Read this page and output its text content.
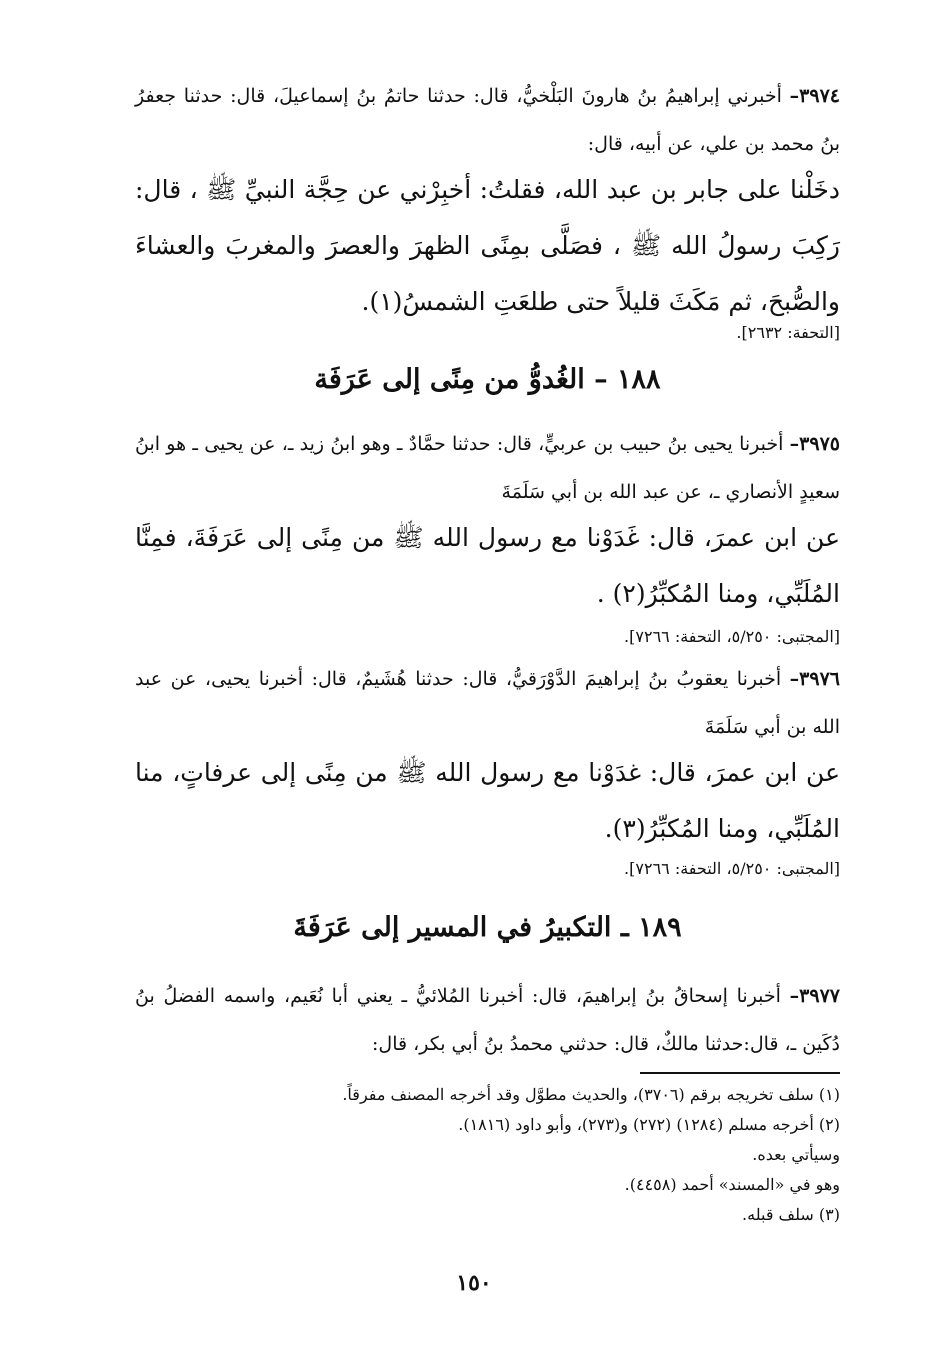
٣٩٧٤– أخبرني إبراهيمُ بنُ هارونَ البَلْخيُّ، قال: حدثنا حاتمُ بنُ إسماعيلَ، قال: حدثنا جعفرُ بنُ محمد بن علي، عن أبيه، قال:
دخَلْنا على جابر بن عبد الله، فقلتُ: أخبِرْني عن حِجَّة النبيِّ ﷺ ، قال: رَكِبَ رسولُ الله ﷺ ، فصَلَّى بمِنًى الظهرَ والعصرَ والمغربَ والعشاءَ والصُّبحَ، ثم مَكَثَ قليلاً حتى طلعَتِ الشمسُ(١).
[التحفة: ٢٦٣٢].
١٨٨ – الغُدوُّ من مِنًى إلى عَرَفَة
٣٩٧٥– أخبرنا يحيى بنُ حبيب بن عربيٍّ، قال: حدثنا حمَّادٌ ـ وهو ابنُ زيد ـ، عن يحيى ـ هو ابنُ سعيدٍ الأنصاري ـ، عن عبد الله بن أبي سَلَمَةَ
عن ابن عمرَ، قال: غَدَوْنا مع رسول الله ﷺ من مِنًى إلى عَرَفَةَ، فمِنَّا المُلَبِّي، ومنا المُكبِّرُ(٢) .
[المجتبى: ٥/٢٥٠، التحفة: ٧٢٦٦].
٣٩٧٦– أخبرنا يعقوبُ بنُ إبراهيمَ الدَّوْرَقيُّ، قال: حدثنا هُشَيمٌ، قال: أخبرنا يحيى، عن عبد الله بن أبي سَلَمَةَ
عن ابن عمرَ، قال: غدَوْنا مع رسول الله ﷺ من مِنًى إلى عرفاتٍ، منا المُلَبِّي، ومنا المُكبِّرُ(٣).
[المجتبى: ٥/٢٥٠، التحفة: ٧٢٦٦].
١٨٩ ـ التكبيرُ في المسير إلى عَرَفَةَ
٣٩٧٧– أخبرنا إسحاقُ بنُ إبراهيمَ، قال: أخبرنا المُلائيُّ ـ يعني أبا نُعَيم، واسمه الفضلُ بنُ دُكَين ـ، قال:حدثنا مالكٌ، قال: حدثني محمدُ بنُ أبي بكر، قال:
(١) سلف تخريجه برقم (٣٧٠٦)، والحديث مطوَّل وقد أخرجه المصنف مفرقاً.
(٢) أخرجه مسلم (١٢٨٤) (٢٧٢) و(٢٧٣)، وأبو داود (١٨١٦).
وسيأتي بعده.
وهو في «المسند» أحمد (٤٤٥٨).
(٣) سلف قبله.
١٥٠
